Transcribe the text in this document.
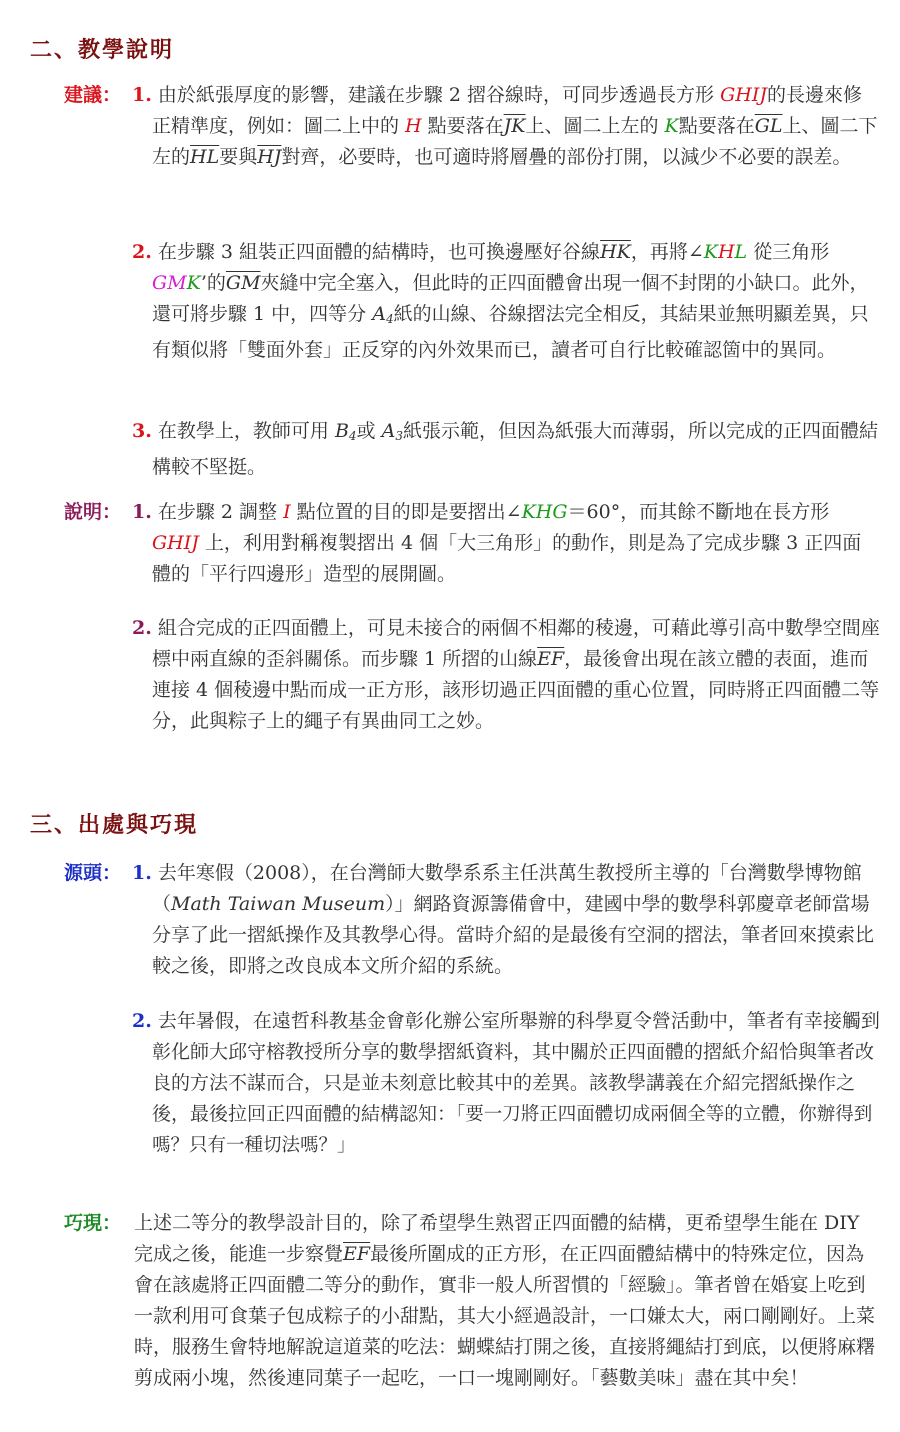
二、教學說明
建議： 1. 由於紙張厚度的影響，建議在步驟 2 摺谷線時，可同步透過長方形 GHIJ的長邊來修正精準度，例如：圖二上中的 H 點要落在$\overline{JK}$上、圖二上左的 K點要落在$\overline{GL}$上、圖二下左的$\overline{HL}$要與$\overline{HJ}$對齊，必要時，也可適時將層疊的部份打開，以減少不必要的誤差。
2. 在步驟 3 組裝正四面體的結構時，也可換邊壓好谷線$\overline{HK}$，再將∠KHL 從三角形 GMK’的$\overline{GM}$夾縫中完全塞入，但此時的正四面體會出現一個不封閉的小缺口。此外，還可將步驟 1 中，四等分 $A_4$紙的山線、谷線摺法完全相反，其結果並無明顯差異，只有類似將「雙面外套」正反穿的內外效果而已，讀者可自行比較確認箇中的異同。
3. 在教學上，教師可用 $B_4$或 $A_3$紙張示範，但因為紙張大而薄弱，所以完成的正四面體結構較不堅挺。
說明： 1. 在步驟 2 調整 I 點位置的目的即是要摺出∠KHG＝60°，而其餘不斷地在長方形 GHIJ 上，利用對稱複製摺出 4 個「大三角形」的動作，則是為了完成步驟 3 正四面體的「平行四邊形」造型的展開圖。
2. 組合完成的正四面體上，可見未接合的兩個不相鄰的稜邊，可藉此導引高中數學空間座標中兩直線的歪斜關係。而步驟 1 所摺的山線$\overline{EF}$，最後會出現在該立體的表面，進而連接 4 個稜邊中點而成一正方形，該形切過正四面體的重心位置，同時將正四面體二等分，此與粽子上的繩子有異曲同工之妙。
三、出處與巧現
源頭： 1. 去年寒假（2008），在台灣師大數學系系主任洪萬生教授所主導的「台灣數學博物館（Math Taiwan Museum）」網路資源籌備會中，建國中學的數學科郭慶章老師當場分享了此一摺紙操作及其教學心得。當時介紹的是最後有空洞的摺法，筆者回來摸索比較之後，即將之改良成本文所介紹的系統。
2. 去年暑假，在遠哲科教基金會彰化辦公室所舉辦的科學夏令營活動中，筆者有幸接觸到彰化師大邱守榕教授所分享的數學摺紙資料，其中關於正四面體的摺紙介紹恰與筆者改良的方法不謀而合，只是並未刻意比較其中的差異。該教學講義在介紹完摺紙操作之後，最後拉回正四面體的結構認知：「要一刀將正四面體切成兩個全等的立體，你辦得到嗎？只有一種切法嗎？」
巧現： 上述二等分的教學設計目的，除了希望學生熟習正四面體的結構，更希望學生能在 DIY 完成之後，能進一步察覺$\overline{EF}$最後所圍成的正方形，在正四面體結構中的特殊定位，因為會在該處將正四面體二等分的動作，實非一般人所習慣的「經驗」。筆者曾在婚宴上吃到一款利用可食葉子包成粽子的小甜點，其大小經過設計，一口嫌太大，兩口剛剛好。上菜時，服務生會特地解說這道菜的吃法：蝴蝶結打開之後，直接將繩結打到底，以便將麻糬剪成兩小塊，然後連同葉子一起吃，一口一塊剛剛好。「藝數美味」盡在其中矣！
